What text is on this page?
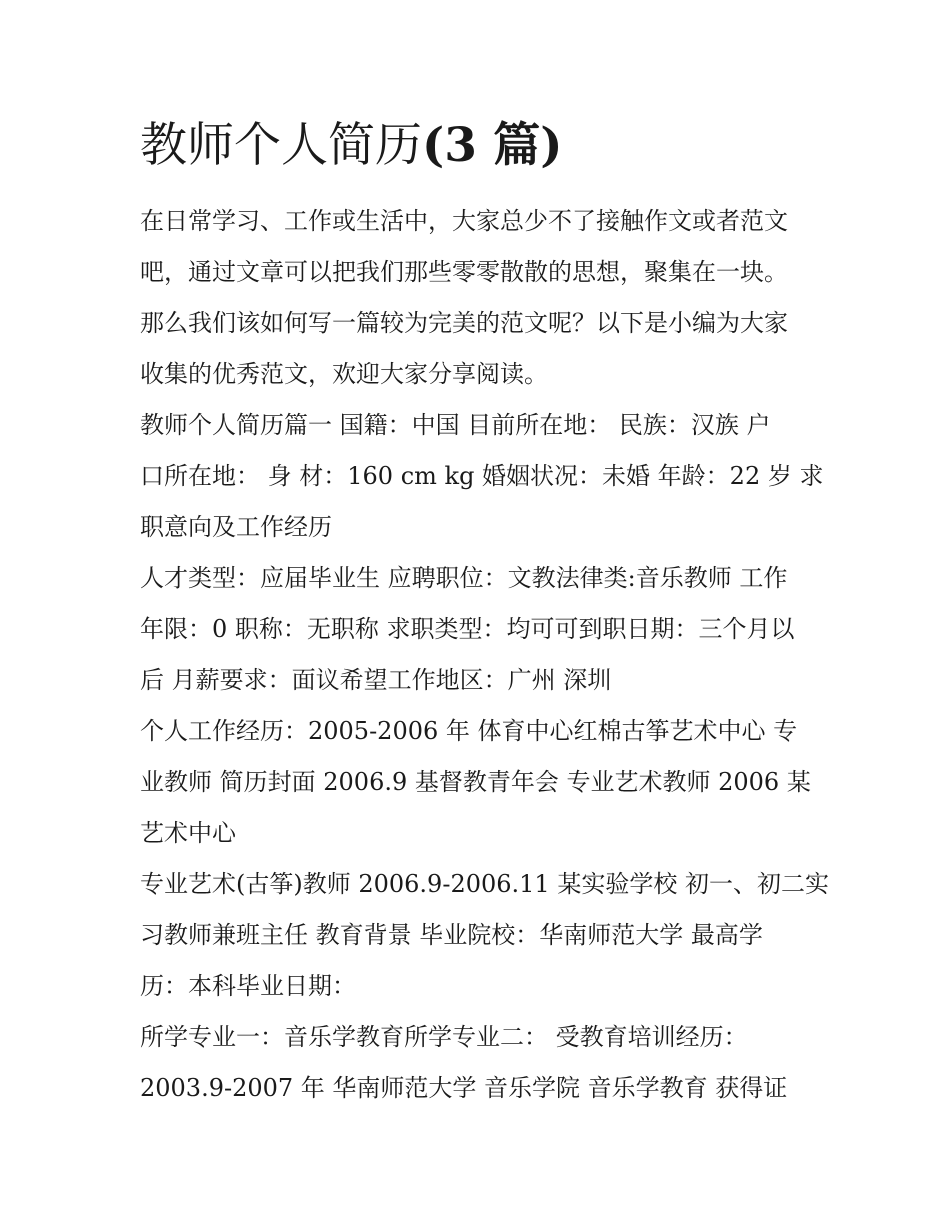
教师个人简历(3 篇)

在日常学习、工作或生活中，大家总少不了接触作文或者范文
吧，通过文章可以把我们那些零零散散的思想，聚集在一块。
那么我们该如何写一篇较为完美的范文呢？以下是小编为大家
收集的优秀范文，欢迎大家分享阅读。

教师个人简历篇一 国籍：中国 目前所在地： 民族：汉族 户
口所在地： 身 材：160 cm kg 婚姻状况：未婚 年龄：22 岁 求
职意向及工作经历

人才类型：应届毕业生 应聘职位：文教法律类:音乐教师 工作
年限：0 职称：无职称 求职类型：均可可到职日期：三个月以
后 月薪要求：面议希望工作地区：广州 深圳

个人工作经历：2005-2006 年 体育中心红棉古筝艺术中心 专
业教师 简历封面 2006.9 基督教青年会 专业艺术教师 2006 某
艺术中心

专业艺术(古筝)教师 2006.9-2006.11 某实验学校 初一、初二实
习教师兼班主任 教育背景 毕业院校：华南师范大学 最高学
历：本科毕业日期：

所学专业一：音乐学教育所学专业二： 受教育培训经历：
2003.9-2007 年 华南师范大学 音乐学院 音乐学教育 获得证
